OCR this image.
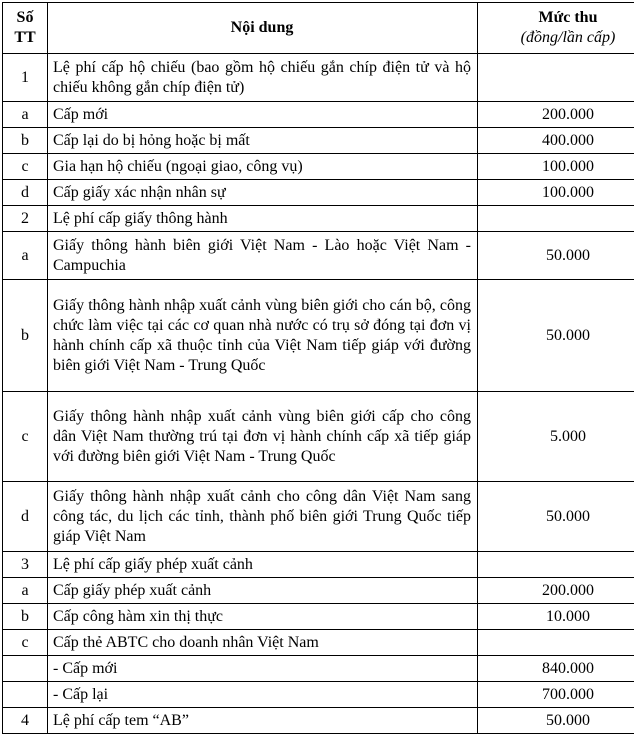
Số
TT	Nội dung	Mức thu
(đồng/lần cấp)

1	Lệ phí cấp hộ chiếu (bao gồm hộ chiếu gắn chíp điện tử và hộ chiếu không gắn chíp điện tử)	
a	Cấp mới	200.000
b	Cấp lại do bị hỏng hoặc bị mất	400.000
c	Gia hạn hộ chiếu (ngoại giao, công vụ)	100.000
d	Cấp giấy xác nhận nhân sự	100.000
2	Lệ phí cấp giấy thông hành	
a	Giấy thông hành biên giới Việt Nam - Lào hoặc Việt Nam - Campuchia	50.000
b	Giấy thông hành nhập xuất cảnh vùng biên giới cho cán bộ, công chức làm việc tại các cơ quan nhà nước có trụ sở đóng tại đơn vị hành chính cấp xã thuộc tỉnh của Việt Nam tiếp giáp với đường biên giới Việt Nam - Trung Quốc	50.000
c	Giấy thông hành nhập xuất cảnh vùng biên giới cấp cho công dân Việt Nam thường trú tại đơn vị hành chính cấp xã tiếp giáp với đường biên giới Việt Nam - Trung Quốc	5.000
d	Giấy thông hành nhập xuất cảnh cho công dân Việt Nam sang công tác, du lịch các tỉnh, thành phố biên giới Trung Quốc tiếp giáp Việt Nam	50.000
3	Lệ phí cấp giấy phép xuất cảnh	
a	Cấp giấy phép xuất cảnh	200.000
b	Cấp công hàm xin thị thực	10.000
c	Cấp thẻ ABTC cho doanh nhân Việt Nam	
	- Cấp mới	840.000
	- Cấp lại	700.000
4	Lệ phí cấp tem “AB”	50.000
